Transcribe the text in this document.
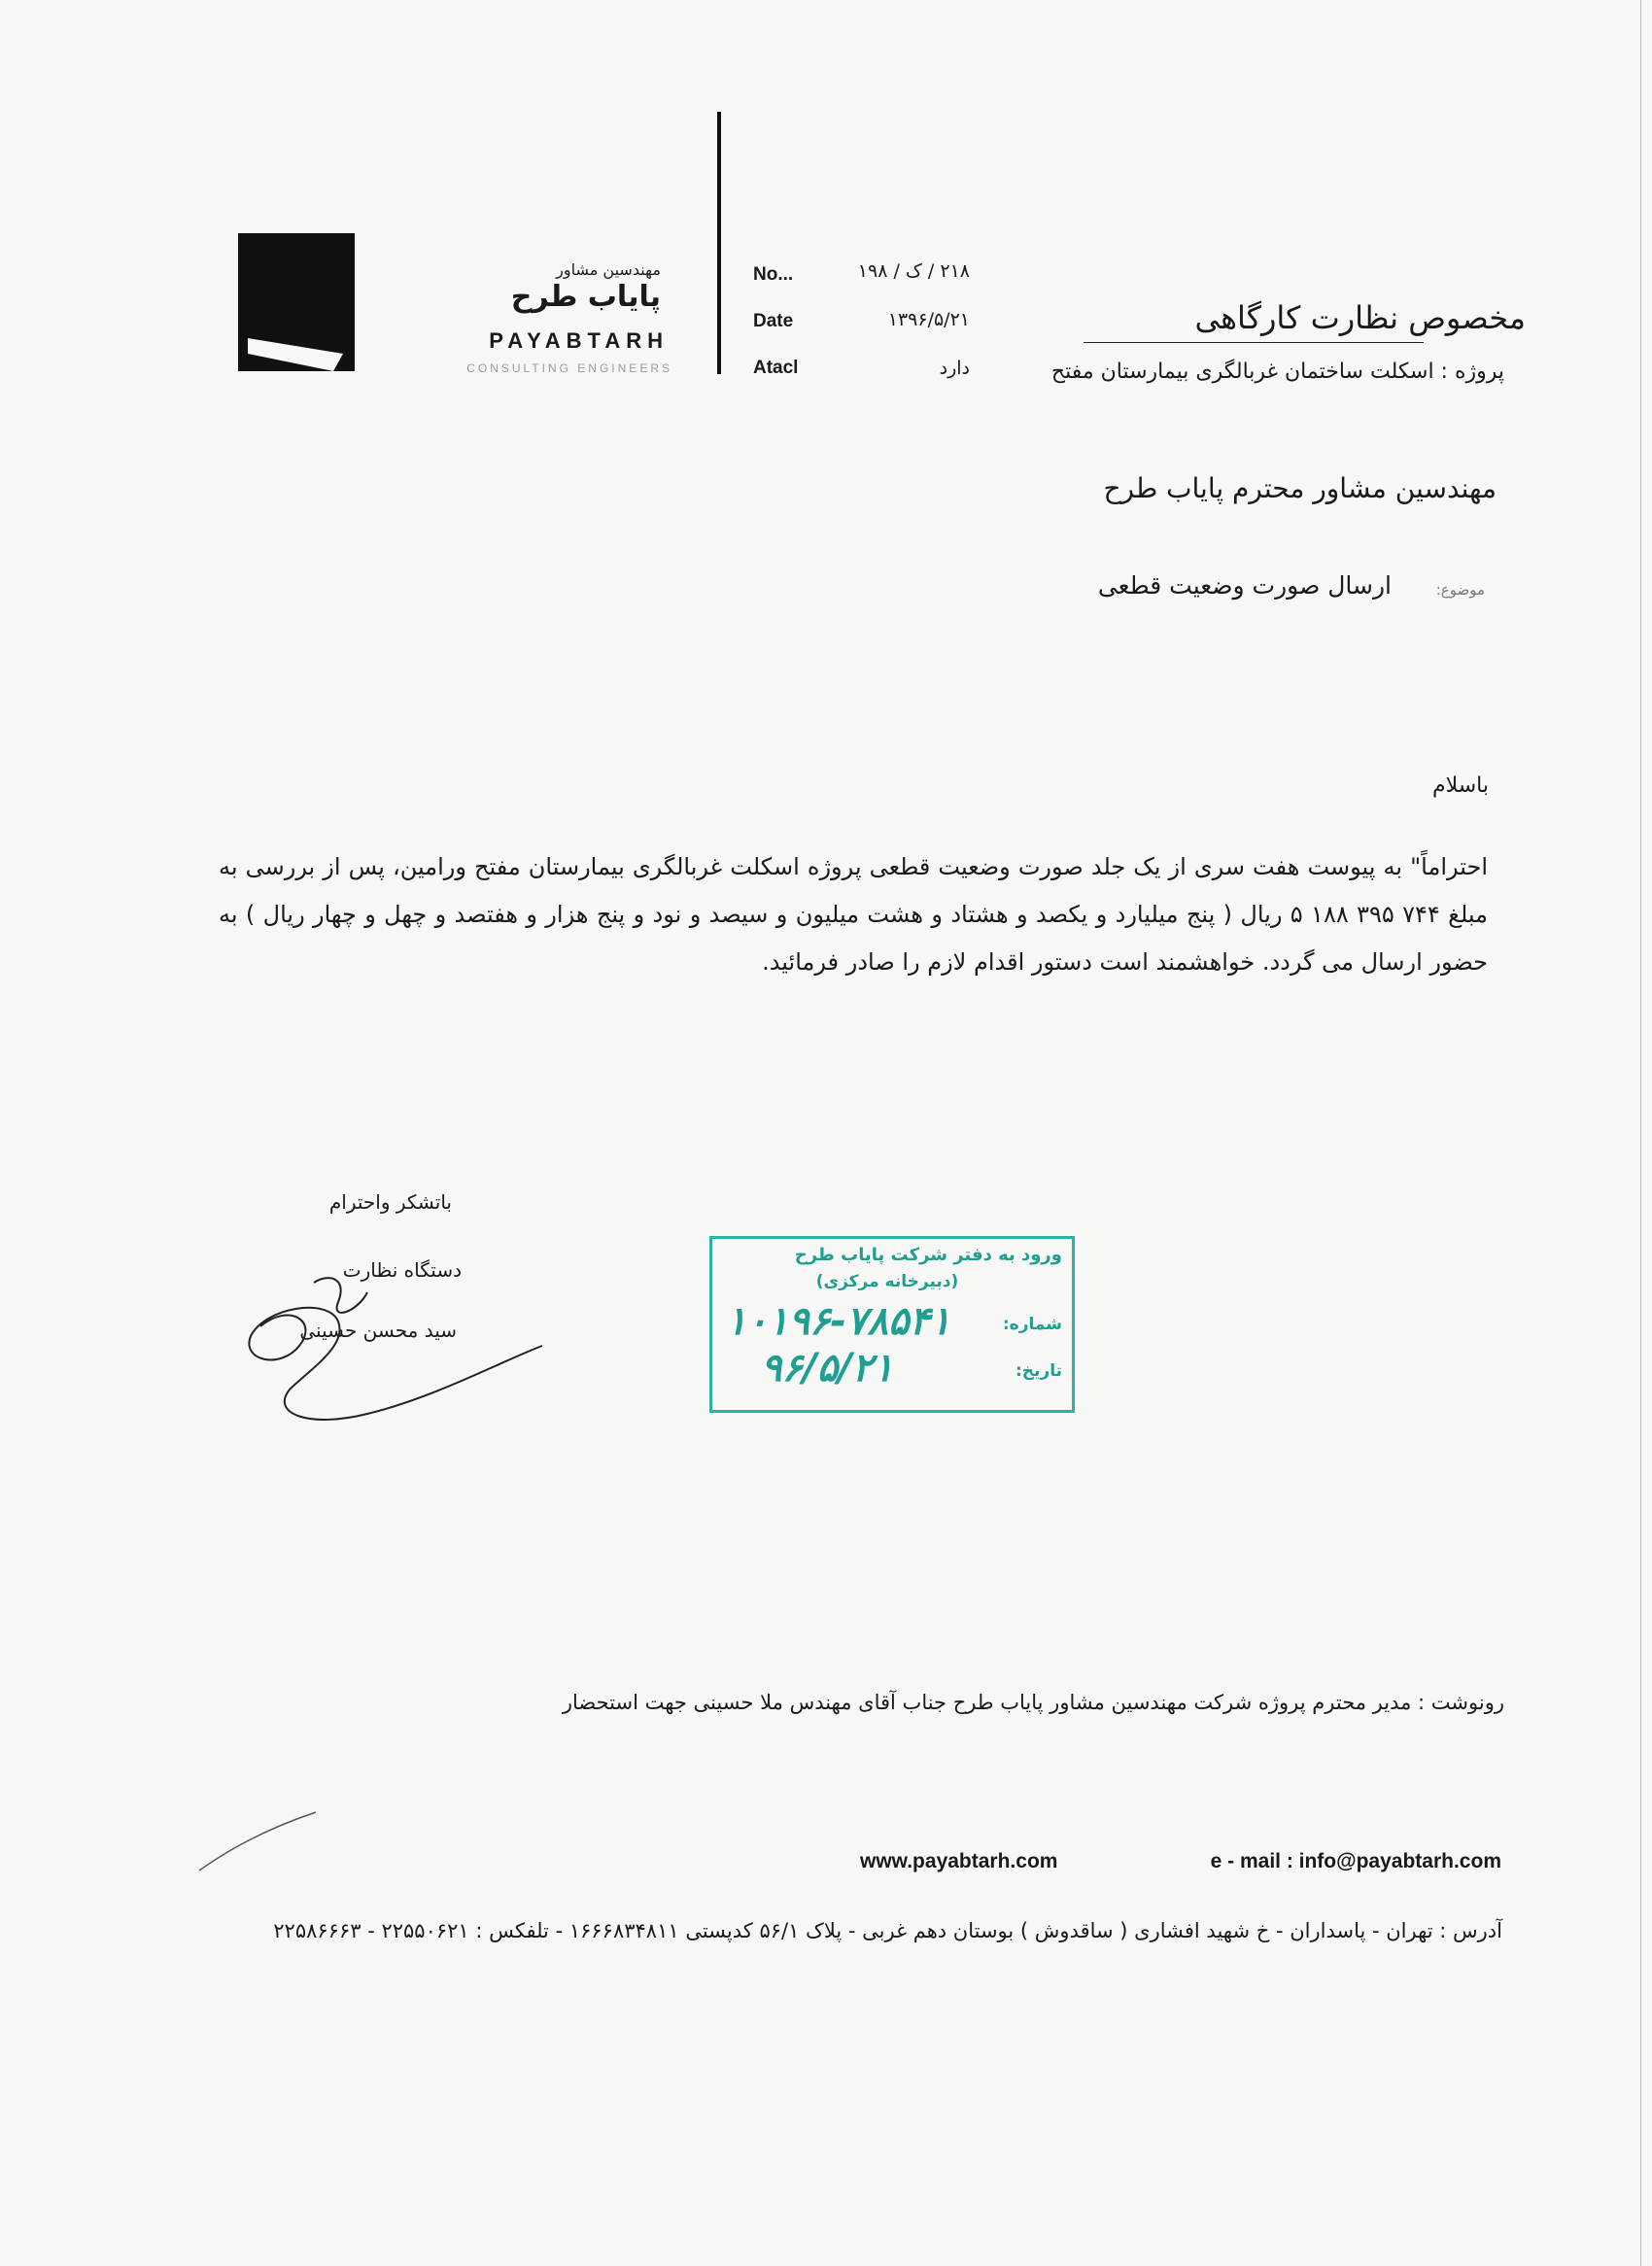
مهندسین مشاور
پایاب طرح
PAYABTARH
CONSULTING ENGINEERS
No...	۲۱۸ / ک / ۱۹۸
Date	۱۳۹۶/۵/۲۱
Atacl	دارد
مخصوص نظارت کارگاهی
پروژه : اسکلت ساختمان غربالگری بیمارستان مفتح
مهندسین مشاور محترم پایاب طرح
موضوع:
ارسال صورت وضعیت قطعی
باسلام
احتراماً" به پیوست هفت سری از یک جلد صورت وضعیت قطعی پروژه اسکلت غربالگری بیمارستان مفتح ورامین، پس از بررسی به مبلغ ۷۴۴ ۳۹۵ ۱۸۸ ۵ ریال ( پنج میلیارد و یکصد و هشتاد و هشت میلیون و سیصد و نود و پنج هزار و هفتصد و چهل و چهار ریال ) به حضور ارسال می گردد. خواهشمند است دستور اقدام لازم را صادر فرمائید.
باتشکر واحترام
دستگاه نظارت
سید محسن حسینی
ورود به دفتر شرکت پایاب طرح
(دبیرخانه مرکزی)
شماره:
۱۰۱۹۶-۷۸۵۴۱
تاریخ:
۹۶/۵/۲۱
رونوشت : مدیر محترم پروژه شرکت مهندسین مشاور پایاب طرح جناب آقای مهندس ملا حسینی جهت استحضار
www.payabtarh.com	e - mail : info@payabtarh.com
آدرس : تهران - پاسداران - خ شهید افشاری ( ساقدوش ) بوستان دهم غربی - پلاک ۵۶/۱ کدپستی ۱۶۶۶۸۳۴۸۱۱ - تلفکس : ۲۲۵۵۰۶۲۱ - ۲۲۵۸۶۶۶۳
